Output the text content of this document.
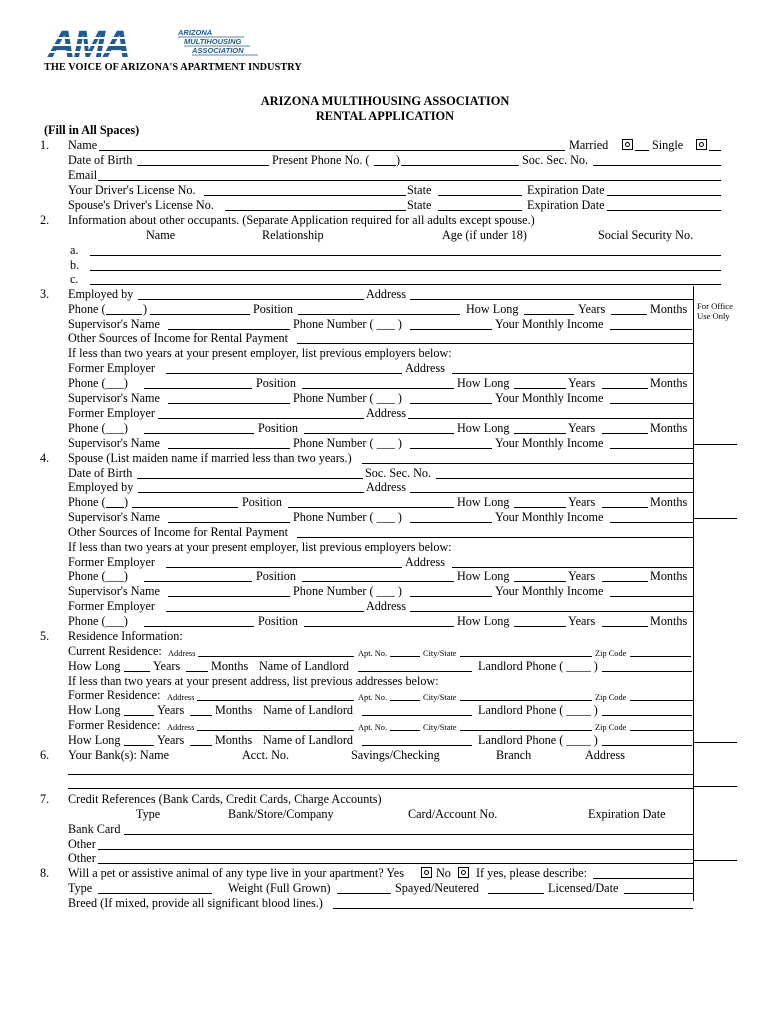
ARIZONA
MULTIHOUSING
ASSOCIATION
THE VOICE OF ARIZONA'S APARTMENT INDUSTRY
ARIZONA MULTIHOUSING ASSOCIATION
RENTAL APPLICATION
For Office
Use Only
(Fill in All Spaces)
1. Name	Married	Single
Date of Birth	Present Phone No. ( )	Soc. Sec. No.
Email
Your Driver's License No.	State	Expiration Date
Spouse's Driver's License No.	State	Expiration Date
2. Information about other occupants. (Separate Application required for all adults except spouse.)
Name	Relationship	Age (if under 18)	Social Security No.
a.
b.
c.
3. Employed by	Address
Phone (	)	Position	How Long	Years	Months
Supervisor's Name	Phone Number ( ___ )	Your Monthly Income
Other Sources of Income for Rental Payment
If less than two years at your present employer, list previous employers below:
Former Employer	Address
Phone (___)	Position	How Long	Years	Months
Supervisor's Name	Phone Number ( ___ )	Your Monthly Income
Former Employer	Address
Phone (___)	Position	How Long	Years	Months
Supervisor's Name	Phone Number ( ___ )	Your Monthly Income
4. Spouse (List maiden name if married less than two years.)
Date of Birth	Soc. Sec. No.
Employed by	Address
Phone ( )	Position	How Long	Years	Months
Supervisor's Name	Phone Number ( ___ )	Your Monthly Income
Other Sources of Income for Rental Payment
If less than two years at your present employer, list previous employers below:
Former Employer	Address
Phone (___)	Position	How Long	Years	Months
Supervisor's Name	Phone Number ( ___ )	Your Monthly Income
Former Employer	Address
Phone (___)	Position	How Long	Years	Months
5. Residence Information:
Current Residence: Address	Apt. No.	City/State	Zip Code
How Long	Years	Months Name of Landlord	Landlord Phone ( ____ )
If less than two years at your present address, list previous addresses below:
Former Residence: Address	Apt. No.	City/State	Zip Code
How Long	Years	Months Name of Landlord	Landlord Phone ( ____ )
Former Residence: Address	Apt. No.	City/State	Zip Code
How Long	Years	Months Name of Landlord	Landlord Phone ( ____ )
6. Your Bank(s): Name	Acct. No.	Savings/Checking	Branch	Address
7. Credit References (Bank Cards, Credit Cards, Charge Accounts)
Type	Bank/Store/Company	Card/Account No.	Expiration Date
Bank Card
Other
Other
8. Will a pet or assistive animal of any type live in your apartment? Yes	No If yes, please describe:
Type	Weight (Full Grown)	Spayed/Neutered	Licensed/Date
Breed (If mixed, provide all significant blood lines.)
